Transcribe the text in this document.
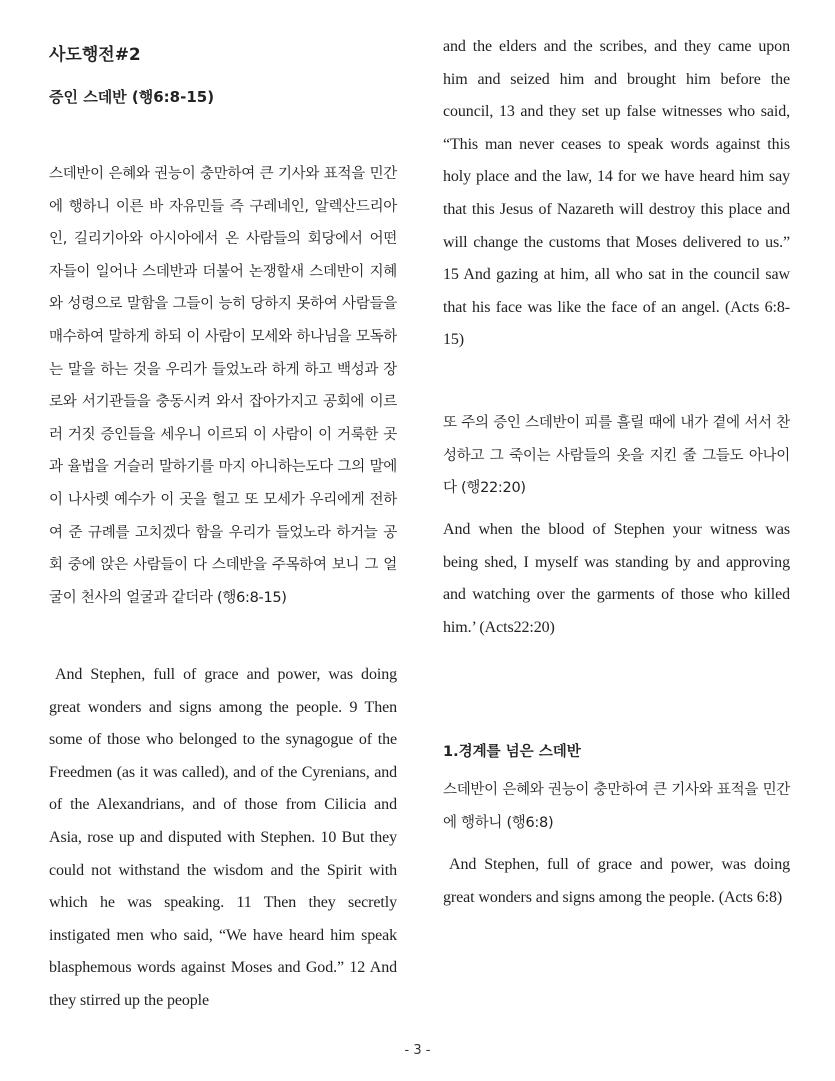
사도행전#2
증인 스데반 (행6:8-15)

스데반이 은혜와 권능이 충만하여 큰 기사와 표적을 민간에 행하니 이른 바 자유민들 즉 구레네인, 알렉산드리아인, 길리기아와 아시아에서 온 사람들의 회당에서 어떤 자들이 일어나 스데반과 더불어 논쟁할새 스데반이 지혜와 성령으로 말함을 그들이 능히 당하지 못하여 사람들을 매수하여 말하게 하되 이 사람이 모세와 하나님을 모독하는 말을 하는 것을 우리가 들었노라 하게 하고 백성과 장로와 서기관들을 충동시켜 와서 잡아가지고 공회에 이르러 거짓 증인들을 세우니 이르되 이 사람이 이 거룩한 곳과 율법을 거슬러 말하기를 마지 아니하는도다 그의 말에 이 나사렛 예수가 이 곳을 헐고 또 모세가 우리에게 전하여 준 규례를 고치겠다 함을 우리가 들었노라 하거늘 공회 중에 앉은 사람들이 다 스데반을 주목하여 보니 그 얼굴이 천사의 얼굴과 같더라 (행6:8-15)

And Stephen, full of grace and power, was doing great wonders and signs among the people. 9 Then some of those who belonged to the synagogue of the Freedmen (as it was called), and of the Cyrenians, and of the Alexandrians, and of those from Cilicia and Asia, rose up and disputed with Stephen. 10 But they could not withstand the wisdom and the Spirit with which he was speaking. 11 Then they secretly instigated men who said, “We have heard him speak blasphemous words against Moses and God.” 12 And they stirred up the people

and the elders and the scribes, and they came upon him and seized him and brought him before the council, 13 and they set up false witnesses who said, “This man never ceases to speak words against this holy place and the law, 14 for we have heard him say that this Jesus of Nazareth will destroy this place and will change the customs that Moses delivered to us.” 15 And gazing at him, all who sat in the council saw that his face was like the face of an angel. (Acts 6:8-15)

또 주의 증인 스데반이 피를 흘릴 때에 내가 곁에 서서 찬성하고 그 죽이는 사람들의 옷을 지킨 줄 그들도 아나이다 (행22:20)

And when the blood of Stephen your witness was being shed, I myself was standing by and approving and watching over the garments of those who killed him.’ (Acts22:20)

1.경계를 넘은 스데반

스데반이 은혜와 권능이 충만하여 큰 기사와 표적을 민간에 행하니 (행6:8)

And Stephen, full of grace and power, was doing great wonders and signs among the people. (Acts 6:8)

- 3 -
